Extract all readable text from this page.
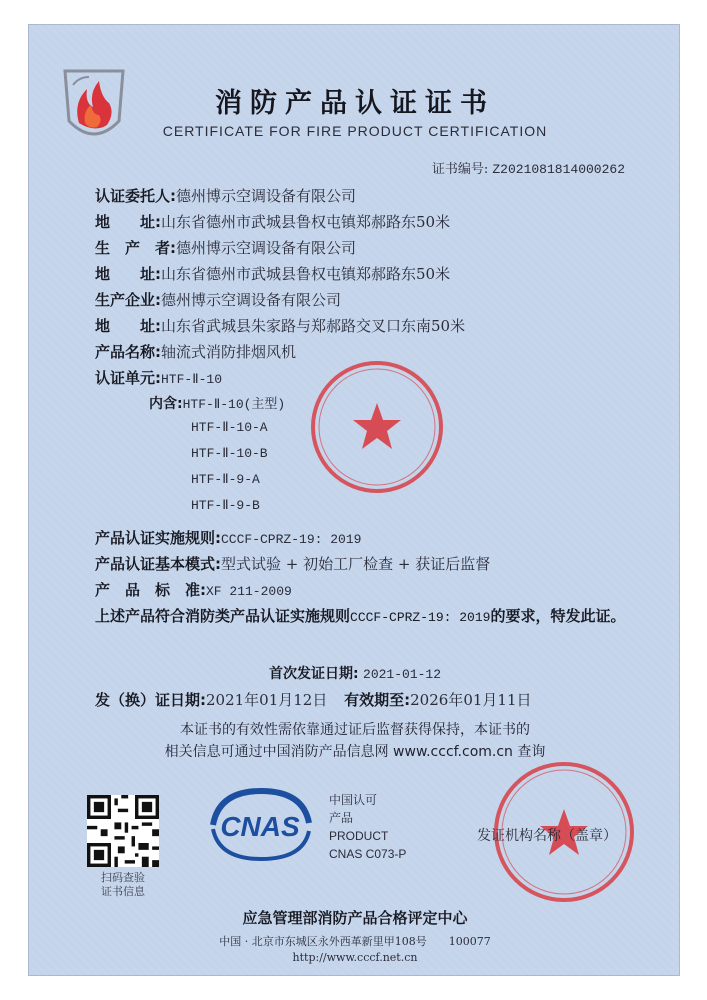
消防产品认证证书
CERTIFICATE FOR FIRE PRODUCT CERTIFICATION
证书编号: Z2021081814000262
认证委托人:德州博示空调设备有限公司
地　　址:山东省德州市武城县鲁权屯镇郑郝路东50米
生　产　者:德州博示空调设备有限公司
地　　址:山东省德州市武城县鲁权屯镇郑郝路东50米
生产企业:德州博示空调设备有限公司
地　　址:山东省武城县朱家路与郑郝路交叉口东南50米
产品名称:轴流式消防排烟风机
认证单元:HTF-Ⅱ-10
内含:HTF-Ⅱ-10(主型)
HTF-Ⅱ-10-A
HTF-Ⅱ-10-B
HTF-Ⅱ-9-A
HTF-Ⅱ-9-B
产品认证实施规则:CCCF-CPRZ-19: 2019
产品认证基本模式:型式试验 + 初始工厂检查 + 获证后监督
产　品　标　准:XF 211-2009
上述产品符合消防类产品认证实施规则CCCF-CPRZ-19: 2019的要求，特发此证。
首次发证日期: 2021-01-12
发（换）证日期:2021年01月12日 有效期至:2026年01月11日
本证书的有效性需依靠通过证后监督获得保持，本证书的
相关信息可通过中国消防产品信息网 www.cccf.com.cn 查询
扫码查验
证书信息
CNAS
中国认可
产品
PRODUCT
CNAS C073-P
发证机构名称（盖章）
应急管理部消防产品合格评定中心
中国 · 北京市东城区永外西革新里甲108号　　100077
http://www.cccf.net.cn
